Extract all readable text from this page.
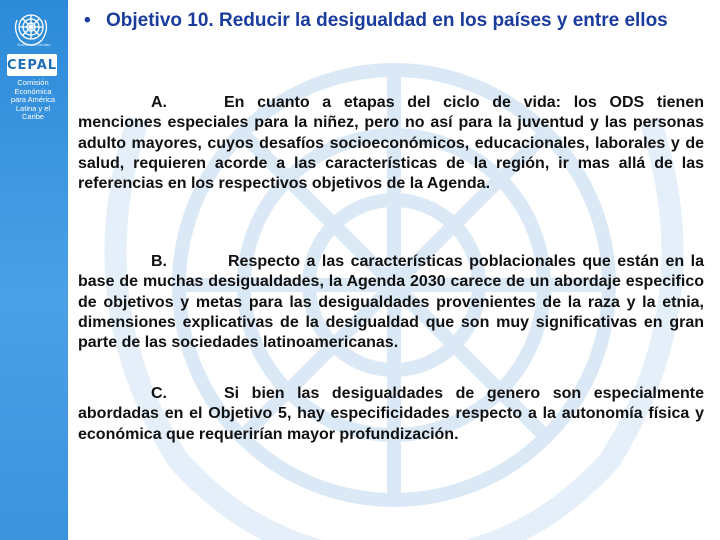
Naciones Unidas
CEPAL
Comisión
Económica
para América
Latina y el
Caribe
• Objetivo 10. Reducir la desigualdad en los países y entre ellos
A.	En cuanto a etapas del ciclo de vida: los ODS tienen menciones especiales para la niñez, pero no así para la juventud y las personas adulto mayores, cuyos desafíos socioeconómicos, educacionales, laborales y de salud, requieren acorde a las características de la región, ir mas allá de las referencias en los respectivos objetivos de la Agenda.
B.	Respecto a las características poblacionales que están en la base de muchas desigualdades, la Agenda 2030 carece de un abordaje especifico de objetivos y metas para las desigualdades provenientes de la raza y la etnia, dimensiones explicativas de la desigualdad que son muy significativas en gran parte de las sociedades latinoamericanas.
C.	Si bien las desigualdades de genero son especialmente abordadas en el Objetivo 5, hay especificidades respecto a la autonomía física y económica que requerirían mayor profundización.
